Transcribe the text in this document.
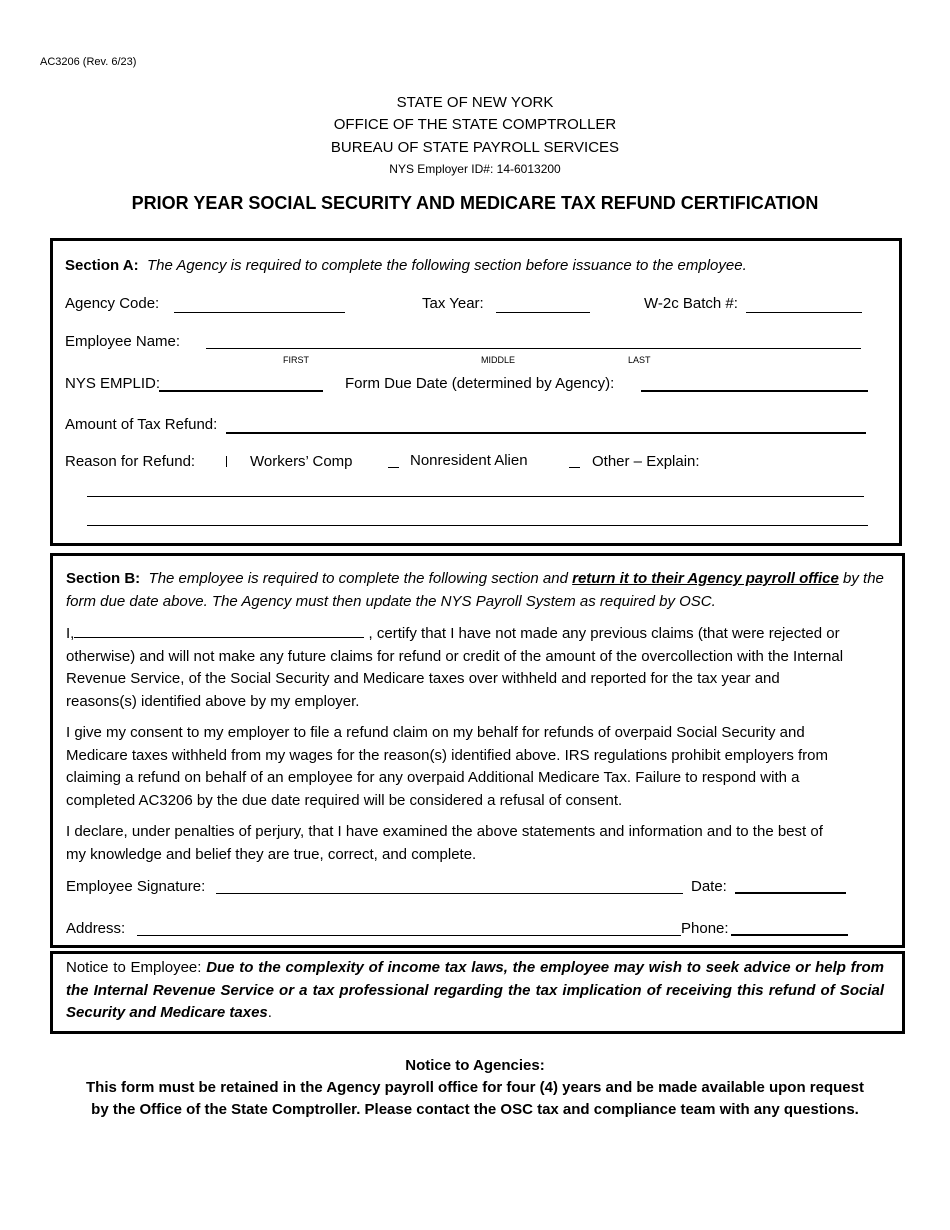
AC3206 (Rev. 6/23)
STATE OF NEW YORK
OFFICE OF THE STATE COMPTROLLER
BUREAU OF STATE PAYROLL SERVICES
NYS Employer ID#: 14-6013200
PRIOR YEAR SOCIAL SECURITY AND MEDICARE TAX REFUND CERTIFICATION
Section A: The Agency is required to complete the following section before issuance to the employee.
Agency Code:	Tax Year:	W-2c Batch #:
Employee Name:
FIRST	MIDDLE	LAST
NYS EMPLID:	Form Due Date (determined by Agency):
Amount of Tax Refund:
Reason for Refund:	Workers’ Comp	Nonresident Alien	Other – Explain:
Section B: The employee is required to complete the following section and return it to their Agency payroll office by the form due date above. The Agency must then update the NYS Payroll System as required by OSC.
I,	, certify that I have not made any previous claims (that were rejected or otherwise) and will not make any future claims for refund or credit of the amount of the overcollection with the Internal Revenue Service, of the Social Security and Medicare taxes over withheld and reported for the tax year and reasons(s) identified above by my employer.
I give my consent to my employer to file a refund claim on my behalf for refunds of overpaid Social Security and Medicare taxes withheld from my wages for the reason(s) identified above. IRS regulations prohibit employers from claiming a refund on behalf of an employee for any overpaid Additional Medicare Tax. Failure to respond with a completed AC3206 by the due date required will be considered a refusal of consent.
I declare, under penalties of perjury, that I have examined the above statements and information and to the best of my knowledge and belief they are true, correct, and complete.
Employee Signature:	Date:
Address:	Phone:
Notice to Employee: Due to the complexity of income tax laws, the employee may wish to seek advice or help from the Internal Revenue Service or a tax professional regarding the tax implication of receiving this refund of Social Security and Medicare taxes.
Notice to Agencies:
This form must be retained in the Agency payroll office for four (4) years and be made available upon request
by the Office of the State Comptroller. Please contact the OSC tax and compliance team with any questions.
